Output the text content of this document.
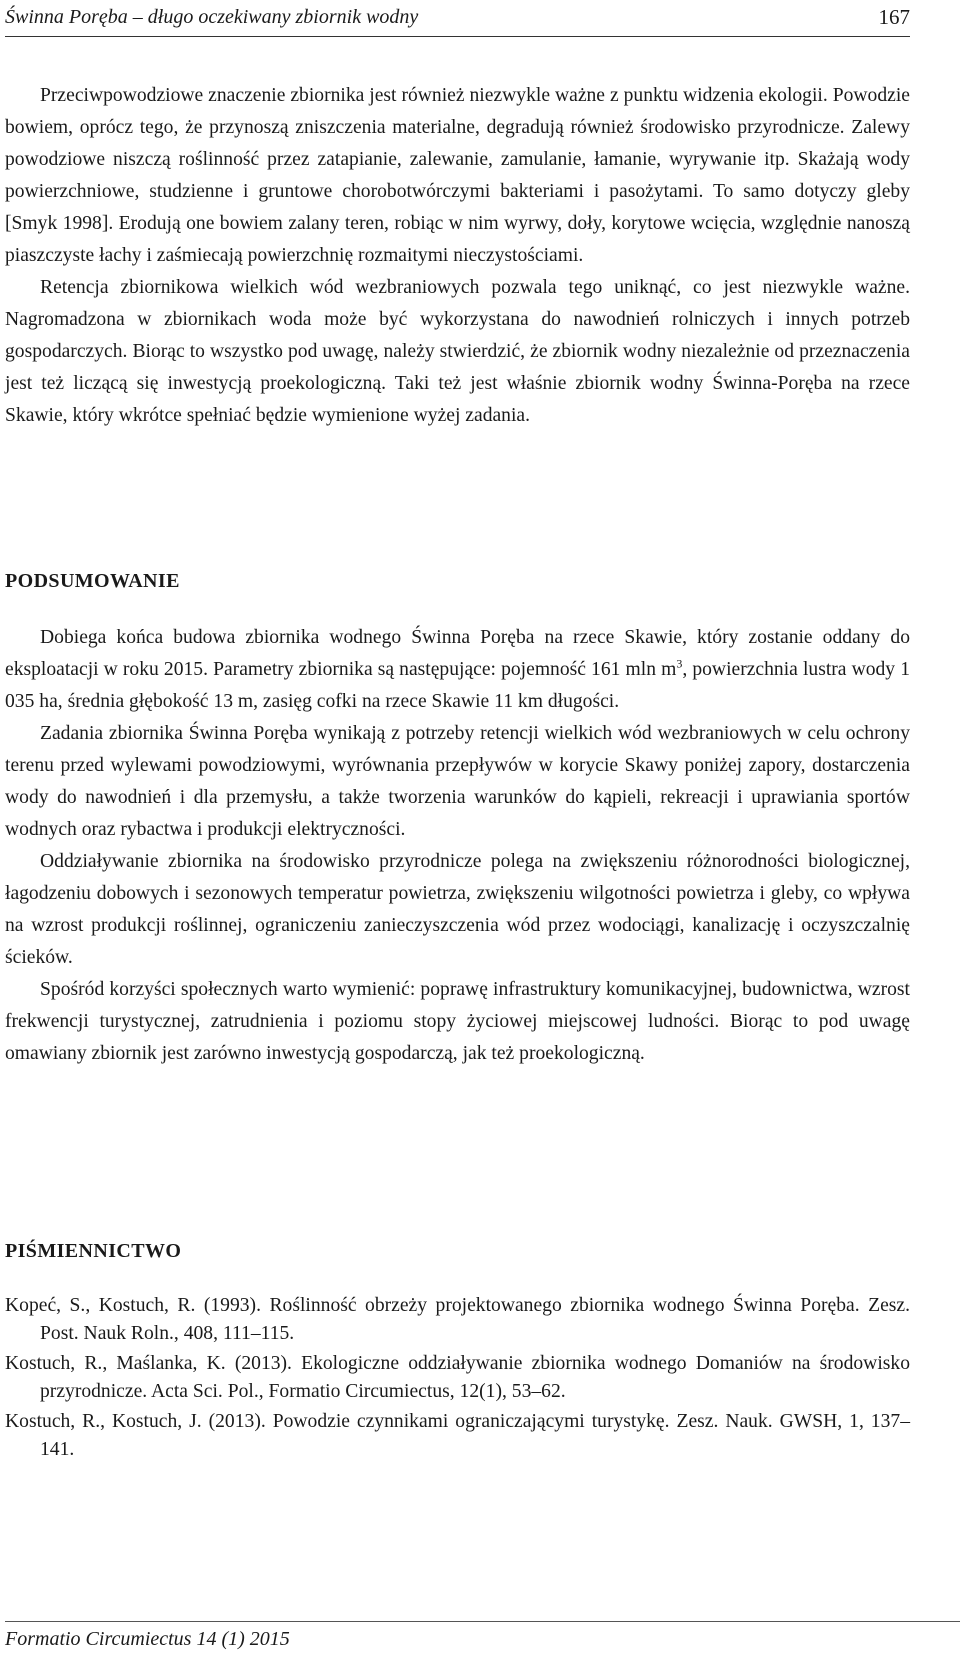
Świnna Poręba – długo oczekiwany zbiornik wodny	167

Przeciwpowodziowe znaczenie zbiornika jest również niezwykle ważne z punktu widzenia ekologii. Powodzie bowiem, oprócz tego, że przynoszą zniszczenia materialne, degradują również środowisko przyrodnicze. Zalewy powodziowe niszczą roślinność przez zatapianie, zalewanie, zamulanie, łamanie, wyrywanie itp. Skażają wody powierzchniowe, studzienne i gruntowe chorobotwórczymi bakteriami i pasożytami. To samo dotyczy gleby [Smyk 1998]. Erodują one bowiem zalany teren, robiąc w nim wyrwy, doły, korytowe wcięcia, względnie nanoszą piaszczyste łachy i zaśmiecają powierzchnię rozmaitymi nieczystościami.

Retencja zbiornikowa wielkich wód wezbraniowych pozwala tego uniknąć, co jest niezwykle ważne. Nagromadzona w zbiornikach woda może być wykorzystana do nawodnień rolniczych i innych potrzeb gospodarczych. Biorąc to wszystko pod uwagę, należy stwierdzić, że zbiornik wodny niezależnie od przeznaczenia jest też liczącą się inwestycją proekologiczną. Taki też jest właśnie zbiornik wodny Świnna-Poręba na rzece Skawie, który wkrótce spełniać będzie wymienione wyżej zadania.

PODSUMOWANIE

Dobiega końca budowa zbiornika wodnego Świnna Poręba na rzece Skawie, który zostanie oddany do eksploatacji w roku 2015. Parametry zbiornika są następujące: pojemność 161 mln $m^3$, powierzchnia lustra wody 1 035 ha, średnia głębokość 13 m, zasięg cofki na rzece Skawie 11 km długości.

Zadania zbiornika Świnna Poręba wynikają z potrzeby retencji wielkich wód wezbraniowych w celu ochrony terenu przed wylewami powodziowymi, wyrównania przepływów w korycie Skawy poniżej zapory, dostarczenia wody do nawodnień i dla przemysłu, a także tworzenia warunków do kąpieli, rekreacji i uprawiania sportów wodnych oraz rybactwa i produkcji elektryczności.

Oddziaływanie zbiornika na środowisko przyrodnicze polega na zwiększeniu różnorodności biologicznej, łagodzeniu dobowych i sezonowych temperatur powietrza, zwiększeniu wilgotności powietrza i gleby, co wpływa na wzrost produkcji roślinnej, ograniczeniu zanieczyszczenia wód przez wodociągi, kanalizację i oczyszczalnię ścieków.

Spośród korzyści społecznych warto wymienić: poprawę infrastruktury komunikacyjnej, budownictwa, wzrost frekwencji turystycznej, zatrudnienia i poziomu stopy życiowej miejscowej ludności. Biorąc to pod uwagę omawiany zbiornik jest zarówno inwestycją gospodarczą, jak też proekologiczną.

PIŚMIENNICTWO

Kopeć, S., Kostuch, R. (1993). Roślinność obrzeży projektowanego zbiornika wodnego Świnna Poręba. Zesz. Post. Nauk Roln., 408, 111–115.

Kostuch, R., Maślanka, K. (2013). Ekologiczne oddziaływanie zbiornika wodnego Domaniów na środowisko przyrodnicze. Acta Sci. Pol., Formatio Circumiectus, 12(1), 53–62.

Kostuch, R., Kostuch, J. (2013). Powodzie czynnikami ograniczającymi turystykę. Zesz. Nauk. GWSH, 1, 137–141.

Formatio Circumiectus 14 (1) 2015
